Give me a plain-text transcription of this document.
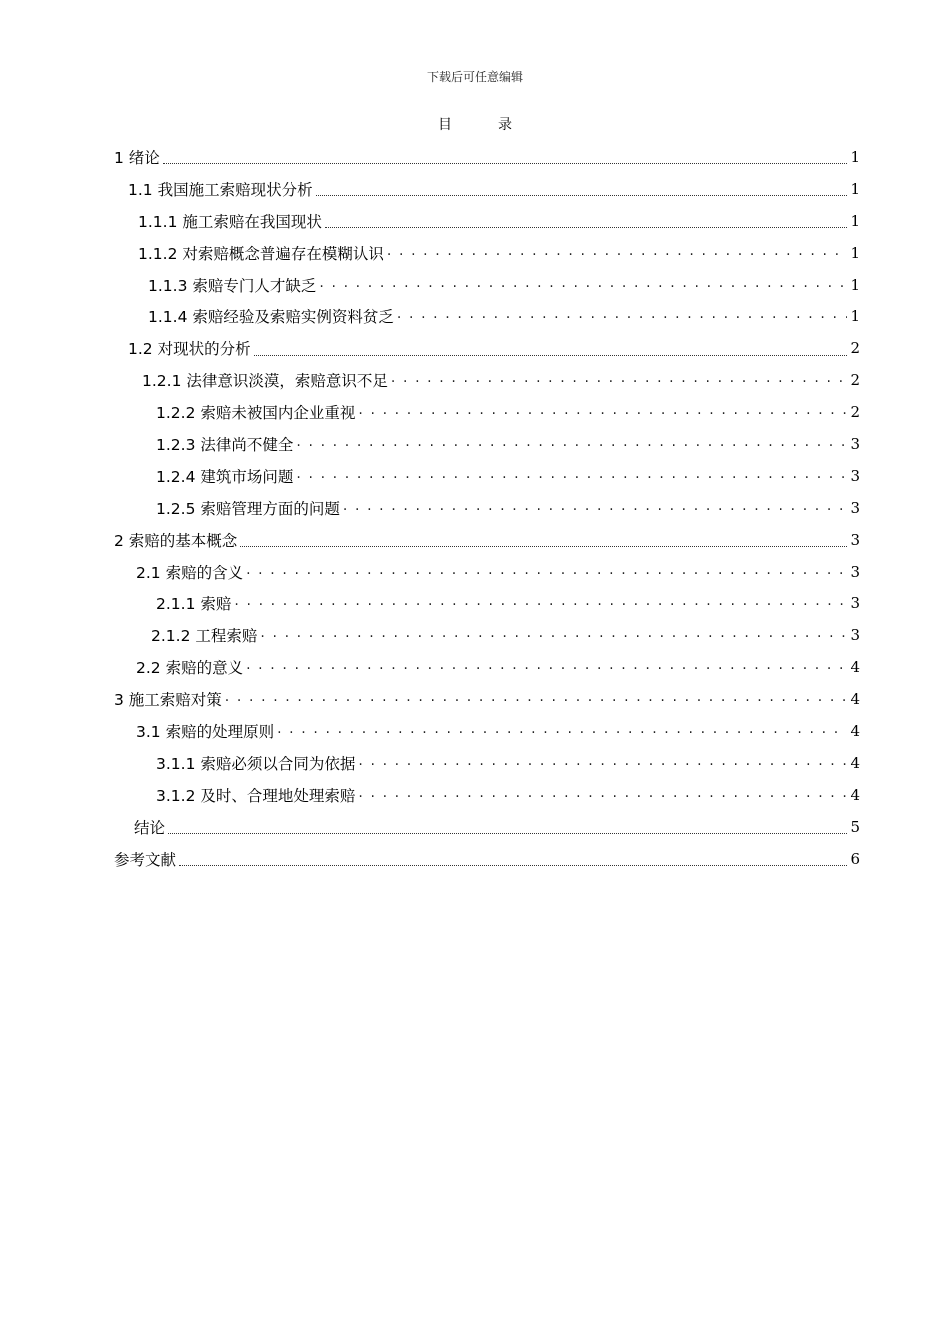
下载后可任意编辑
目	录
1 绪论	1
1.1 我国施工索赔现状分析	1
1.1.1 施工索赔在我国现状	1
1.1.2 对索赔概念普遍存在模糊认识 . . .	1
1.1.3 索赔专门人才缺乏 . . .	1
1.1.4 索赔经验及索赔实例资料贫乏 . . .	1
1.2 对现状的分析	2
1.2.1 法律意识淡漠，索赔意识不足 . . .	2
1.2.2 索赔未被国内企业重视 . . .	2
1.2.3 法律尚不健全 . . .	3
1.2.4 建筑市场问题 . . .	3
1.2.5 索赔管理方面的问题 . . .	3
2 索赔的基本概念	3
2.1 索赔的含义 . . .	3
2.1.1 索赔 . . .	3
2.1.2 工程索赔 . . .	3
2.2 索赔的意义 . . .	4
3 施工索赔对策 . . .	4
3.1 索赔的处理原则 . . .	4
3.1.1 索赔必须以合同为依据 . . .	4
3.1.2 及时、合理地处理索赔 . . .	4
结论	5
参考文献	6
